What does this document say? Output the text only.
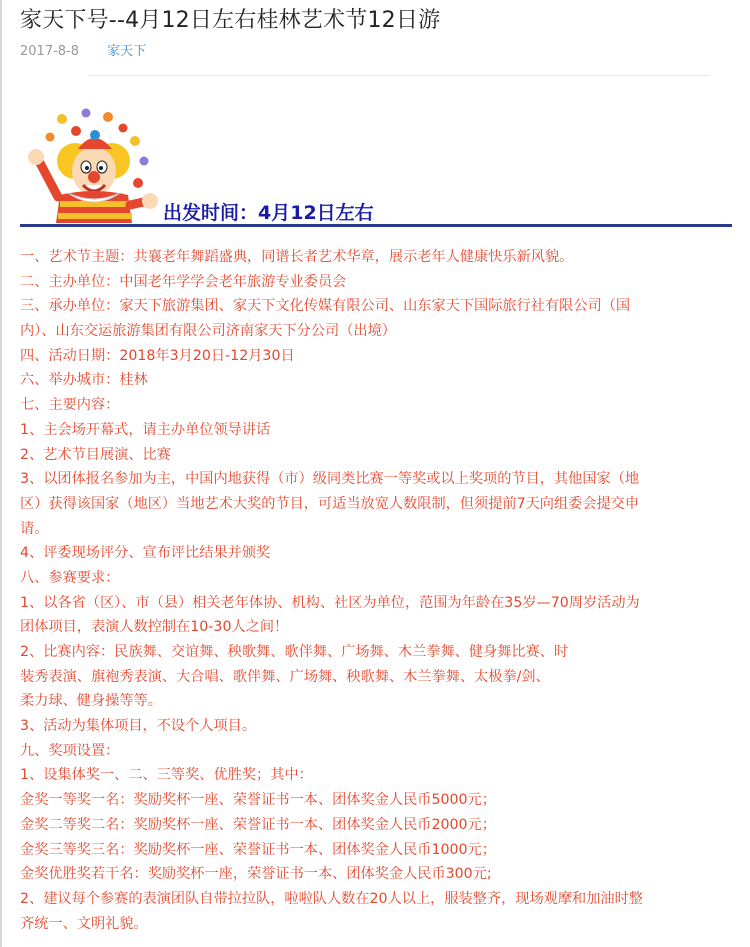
家天下号--4月12日左右桂林艺术节12日游
2017-8-8 家天下
出发时间：4月12日左右
一、艺术节主题：共襄老年舞蹈盛典，同谱长者艺术华章，展示老年人健康快乐新风貌。
二、主办单位：中国老年学学会老年旅游专业委员会
三、承办单位：家天下旅游集团、家天下文化传媒有限公司、山东家天下国际旅行社有限公司（国
内）、山东交运旅游集团有限公司济南家天下分公司（出境）
四、活动日期：2018年3月20日-12月30日
六、举办城市：桂林
七、主要内容：
1、主会场开幕式，请主办单位领导讲话
2、艺术节目展演、比赛
3、以团体报名参加为主，中国内地获得（市）级同类比赛一等奖或以上奖项的节目，其他国家（地
区）获得该国家（地区）当地艺术大奖的节目，可适当放宽人数限制，但须提前7天向组委会提交申
请。
4、评委现场评分、宣布评比结果并颁奖
八、参赛要求：
1、以各省（区）、市（县）相关老年体协、机构、社区为单位，范围为年龄在35岁—70周岁活动为
团体项目，表演人数控制在10-30人之间！
2、比赛内容：民族舞、交谊舞、秧歌舞、歌伴舞、广场舞、木兰拳舞、健身舞比赛、时
装秀表演、旗袍秀表演、大合唱、歌伴舞、广场舞、秧歌舞、木兰拳舞、太极拳/剑、
柔力球、健身操等等。
3、活动为集体项目，不设个人项目。
九、奖项设置：
1、设集体奖一、二、三等奖、优胜奖；其中：
金奖一等奖一名：奖励奖杯一座、荣誉证书一本、团体奖金人民币5000元；
金奖二等奖二名：奖励奖杯一座、荣誉证书一本、团体奖金人民币2000元；
金奖三等奖三名：奖励奖杯一座、荣誉证书一本、团体奖金人民币1000元；
金奖优胜奖若干名：奖励奖杯一座，荣誉证书一本、团体奖金人民币300元;
2、建议每个参赛的表演团队自带拉拉队，啦啦队人数在20人以上，服装整齐，现场观摩和加油时整
齐统一、文明礼貌。
